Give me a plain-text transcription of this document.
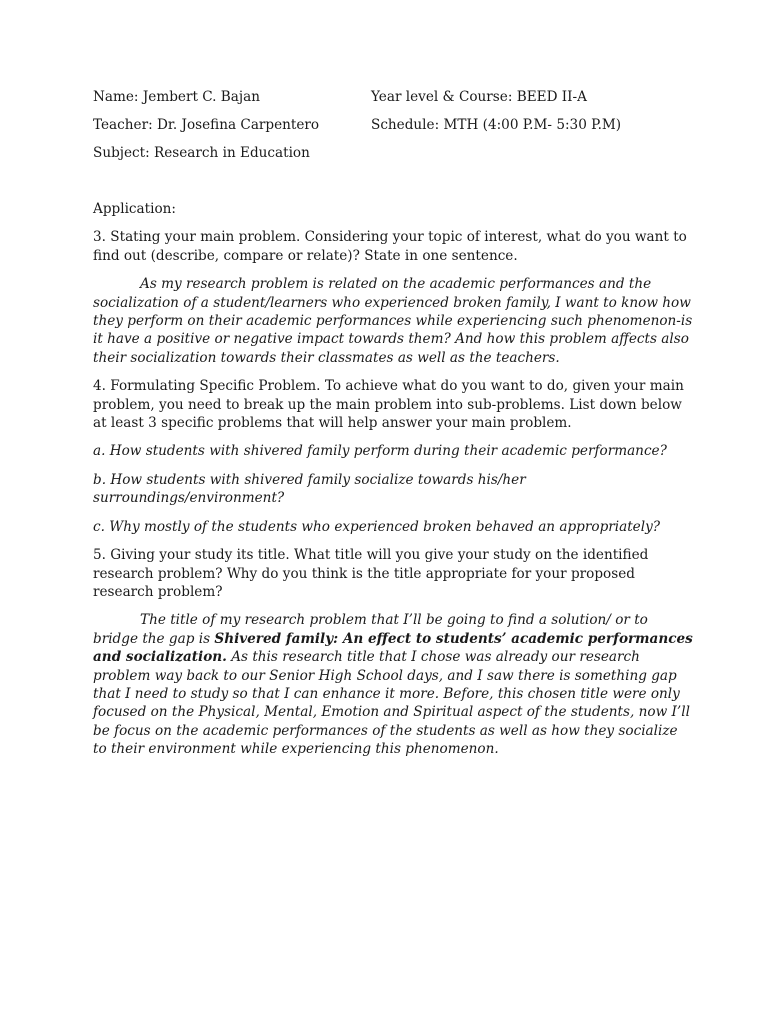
Name: Jembert C. Bajan	Year level & Course: BEED II-A
Teacher: Dr. Josefina Carpentero	Schedule: MTH (4:00 P.M- 5:30 P.M)
Subject: Research in Education

Application:

3. Stating your main problem. Considering your topic of interest, what do you want to find out (describe, compare or relate)? State in one sentence.

As my research problem is related on the academic performances and the socialization of a student/learners who experienced broken family, I want to know how they perform on their academic performances while experiencing such phenomenon-is it have a positive or negative impact towards them? And how this problem affects also their socialization towards their classmates as well as the teachers.

4. Formulating Specific Problem. To achieve what do you want to do, given your main problem, you need to break up the main problem into sub-problems. List down below at least 3 specific problems that will help answer your main problem.

a. How students with shivered family perform during their academic performance?

b. How students with shivered family socialize towards his/her surroundings/environment?

c. Why mostly of the students who experienced broken behaved an appropriately?

5. Giving your study its title. What title will you give your study on the identified research problem? Why do you think is the title appropriate for your proposed research problem?

The title of my research problem that I’ll be going to find a solution/ or to bridge the gap is Shivered family: An effect to students’ academic performances and socialization. As this research title that I chose was already our research problem way back to our Senior High School days, and I saw there is something gap that I need to study so that I can enhance it more. Before, this chosen title were only focused on the Physical, Mental, Emotion and Spiritual aspect of the students, now I’ll be focus on the academic performances of the students as well as how they socialize to their environment while experiencing this phenomenon.
